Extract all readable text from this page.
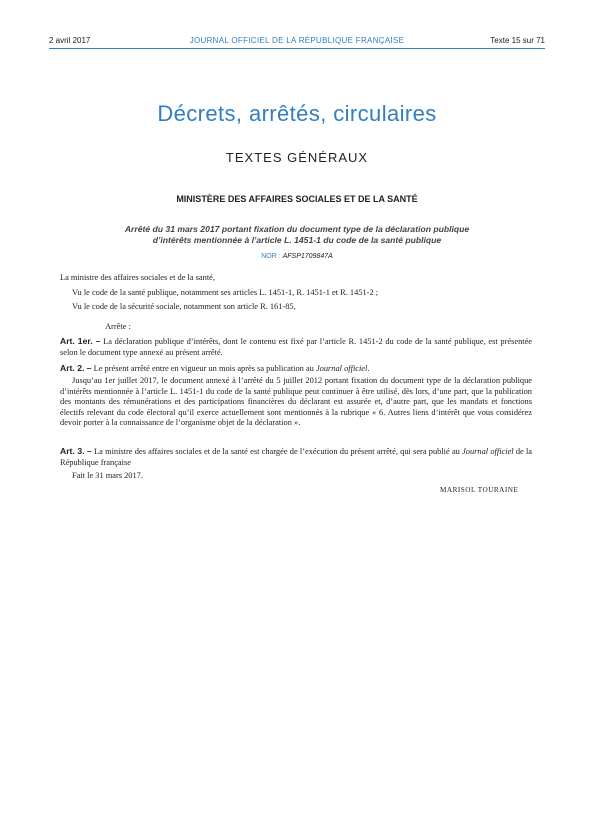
2 avril 2017	JOURNAL OFFICIEL DE LA RÉPUBLIQUE FRANÇAISE	Texte 15 sur 71
Décrets, arrêtés, circulaires
TEXTES GÉNÉRAUX
MINISTÈRE DES AFFAIRES SOCIALES ET DE LA SANTÉ
Arrêté du 31 mars 2017 portant fixation du document type de la déclaration publique
d’intérêts mentionnée à l’article L. 1451-1 du code de la santé publique
NOR : AFSP1709847A
La ministre des affaires sociales et de la santé,
Vu le code de la santé publique, notamment ses articles L. 1451-1, R. 1451-1 et R. 1451-2 ;
Vu le code de la sécurité sociale, notamment son article R. 161-85,
Arrête :
Art. 1er. – La déclaration publique d’intérêts, dont le contenu est fixé par l’article R. 1451-2 du code de la santé publique, est présentée selon le document type annexé au présent arrêté.
Art. 2. – Le présent arrêté entre en vigueur un mois après sa publication au Journal officiel.
Jusqu’au 1er juillet 2017, le document annexé à l’arrêté du 5 juillet 2012 portant fixation du document type de la déclaration publique d’intérêts mentionnée à l’article L. 1451-1 du code de la santé publique peut continuer à être utilisé, dès lors, d’une part, que la publication des montants des rémunérations et des participations financières du déclarant est assurée et, d’autre part, que les mandats et fonctions électifs relevant du code électoral qu’il exerce actuellement sont mentionnés à la rubrique « 6. Autres liens d’intérêt que vous considérez devoir porter à la connaissance de l’organisme objet de la déclaration ».
Art. 3. – La ministre des affaires sociales et de la santé est chargée de l’exécution du présent arrêté, qui sera publié au Journal officiel de la République française
Fait le 31 mars 2017.
MARISOL TOURAINE
